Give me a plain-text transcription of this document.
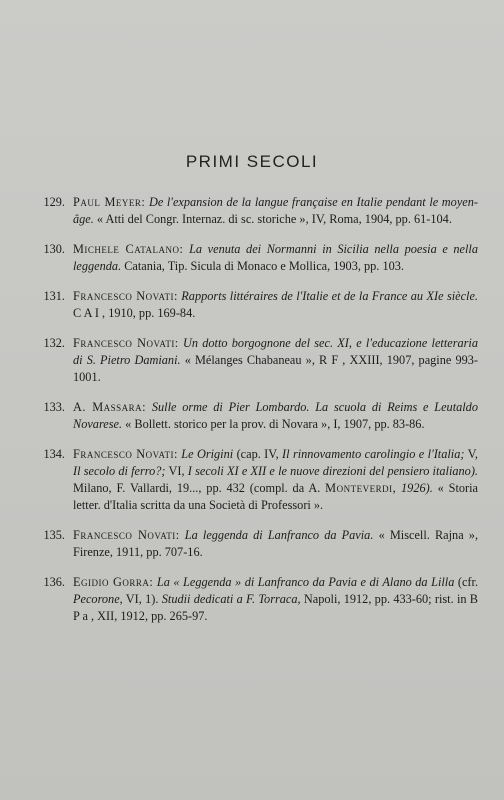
PRIMI SECOLI
129. Paul Meyer: De l'expansion de la langue française en Italie pendant le moyen-âge. « Atti del Congr. Internaz. di sc. storiche », IV, Roma, 1904, pp. 61-104.
130. Michele Catalano: La venuta dei Normanni in Sicilia nella poesia e nella leggenda. Catania, Tip. Sicula di Monaco e Mollica, 1903, pp. 103.
131. Francesco Novati: Rapports littéraires de l'Italie et de la France au XIe siècle. C A I , 1910, pp. 169-84.
132. Francesco Novati: Un dotto borgognone del sec. XI, e l'educazione letteraria di S. Pietro Damiani. « Mélanges Chabaneau », R F , XXIII, 1907, pagine 993-1001.
133. A. Massara: Sulle orme di Pier Lombardo. La scuola di Reims e Leutaldo Novarese. « Bollett. storico per la prov. di Novara », I, 1907, pp. 83-86.
134. Francesco Novati: Le Origini (cap. IV, Il rinnovamento carolingio e l'Italia; V, Il secolo di ferro?; VI, I secoli XI e XII e le nuove direzioni del pensiero italiano). Milano, F. Vallardi, 19..., pp. 432 (compl. da A. Monteverdi, 1926). « Storia letter. d'Italia scritta da una Società di Professori ».
135. Francesco Novati: La leggenda di Lanfranco da Pavia. « Miscell. Rajna », Firenze, 1911, pp. 707-16.
136. Egidio Gorra: La « Leggenda » di Lanfranco da Pavia e di Alano da Lilla (cfr. Pecorone, VI, 1). Studii dedicati a F. Torraca, Napoli, 1912, pp. 433-60; rist. in B P a , XII, 1912, pp. 265-97.
